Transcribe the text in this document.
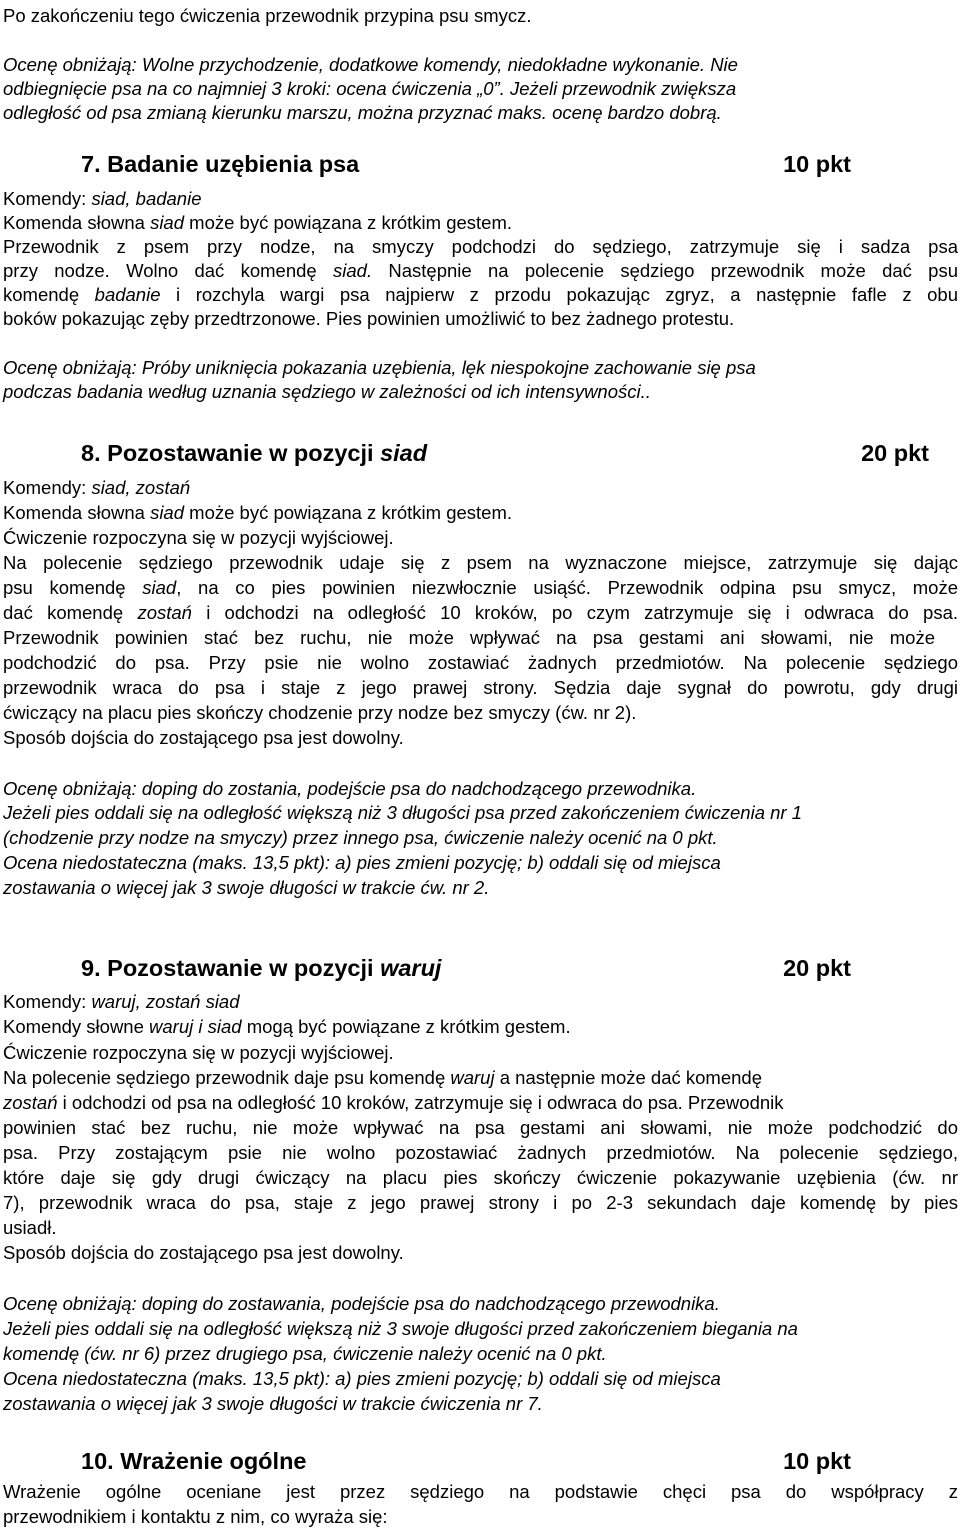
Po zakończeniu tego ćwiczenia przewodnik przypina psu smycz.
Ocenę obniżają: Wolne przychodzenie, dodatkowe komendy, niedokładne wykonanie. Nie
odbiegnięcie psa na co najmniej 3 kroki: ocena ćwiczenia „0”. Jeżeli przewodnik zwiększa
odległość od psa zmianą kierunku marszu, można przyznać maks. ocenę bardzo dobrą.
7. Badanie uzębienia psa	10 pkt
Komendy: siad, badanie
Komenda słowna siad może być powiązana z krótkim gestem.
Przewodnik z psem przy nodze, na smyczy podchodzi do sędziego, zatrzymuje się i sadza psa
przy nodze. Wolno dać komendę siad. Następnie na polecenie sędziego przewodnik może dać psu
komendę badanie i rozchyla wargi psa najpierw z przodu pokazując zgryz, a następnie fafle z obu
boków pokazując zęby przedtrzonowe. Pies powinien umożliwić to bez żadnego protestu.
Ocenę obniżają: Próby uniknięcia pokazania uzębienia, lęk niespokojne zachowanie się psa
podczas badania według uznania sędziego w zależności od ich intensywności..
8. Pozostawanie w pozycji siad	20 pkt
Komendy: siad, zostań
Komenda słowna siad może być powiązana z krótkim gestem.
Ćwiczenie rozpoczyna się w pozycji wyjściowej.
Na polecenie sędziego przewodnik udaje się z psem na wyznaczone miejsce, zatrzymuje się dając
psu komendę siad, na co pies powinien niezwłocznie usiąść. Przewodnik odpina psu smycz, może
dać komendę zostań i odchodzi na odległość 10 kroków, po czym zatrzymuje się i odwraca do psa.
Przewodnik powinien stać bez ruchu, nie może wpływać na psa gestami ani słowami, nie może
podchodzić do psa. Przy psie nie wolno zostawiać żadnych przedmiotów. Na polecenie sędziego
przewodnik wraca do psa i staje z jego prawej strony. Sędzia daje sygnał do powrotu, gdy drugi
ćwiczący na placu pies skończy chodzenie przy nodze bez smyczy (ćw. nr 2).
Sposób dojścia do zostającego psa jest dowolny.
Ocenę obniżają: doping do zostania, podejście psa do nadchodzącego przewodnika.
Jeżeli pies oddali się na odległość większą niż 3 długości psa przed zakończeniem ćwiczenia nr 1
(chodzenie przy nodze na smyczy) przez innego psa, ćwiczenie należy ocenić na 0 pkt.
Ocena niedostateczna (maks. 13,5 pkt): a) pies zmieni pozycję; b) oddali się od miejsca
zostawania o więcej jak 3 swoje długości w trakcie ćw. nr 2.
9. Pozostawanie w pozycji waruj	20 pkt
Komendy: waruj, zostań siad
Komendy słowne waruj i siad mogą być powiązane z krótkim gestem.
Ćwiczenie rozpoczyna się w pozycji wyjściowej.
Na polecenie sędziego przewodnik daje psu komendę waruj a następnie może dać komendę
zostań i odchodzi od psa na odległość 10 kroków, zatrzymuje się i odwraca do psa. Przewodnik
powinien stać bez ruchu, nie może wpływać na psa gestami ani słowami, nie może podchodzić do
psa. Przy zostającym psie nie wolno pozostawiać żadnych przedmiotów. Na polecenie sędziego,
które daje się gdy drugi ćwiczący na placu pies skończy ćwiczenie pokazywanie uzębienia (ćw. nr
7), przewodnik wraca do psa, staje z jego prawej strony i po 2-3 sekundach daje komendę by pies
usiadł.
Sposób dojścia do zostającego psa jest dowolny.
Ocenę obniżają: doping do zostawania, podejście psa do nadchodzącego przewodnika.
Jeżeli pies oddali się na odległość większą niż 3 swoje długości przed zakończeniem biegania na
komendę (ćw. nr 6) przez drugiego psa, ćwiczenie należy ocenić na 0 pkt.
Ocena niedostateczna (maks. 13,5 pkt): a) pies zmieni pozycję; b) oddali się od miejsca
zostawania o więcej jak 3 swoje długości w trakcie ćwiczenia nr 7.
10. Wrażenie ogólne	10 pkt
Wrażenie ogólne oceniane jest przez sędziego na podstawie chęci psa do współpracy z
przewodnikiem i kontaktu z nim, co wyraża się:
